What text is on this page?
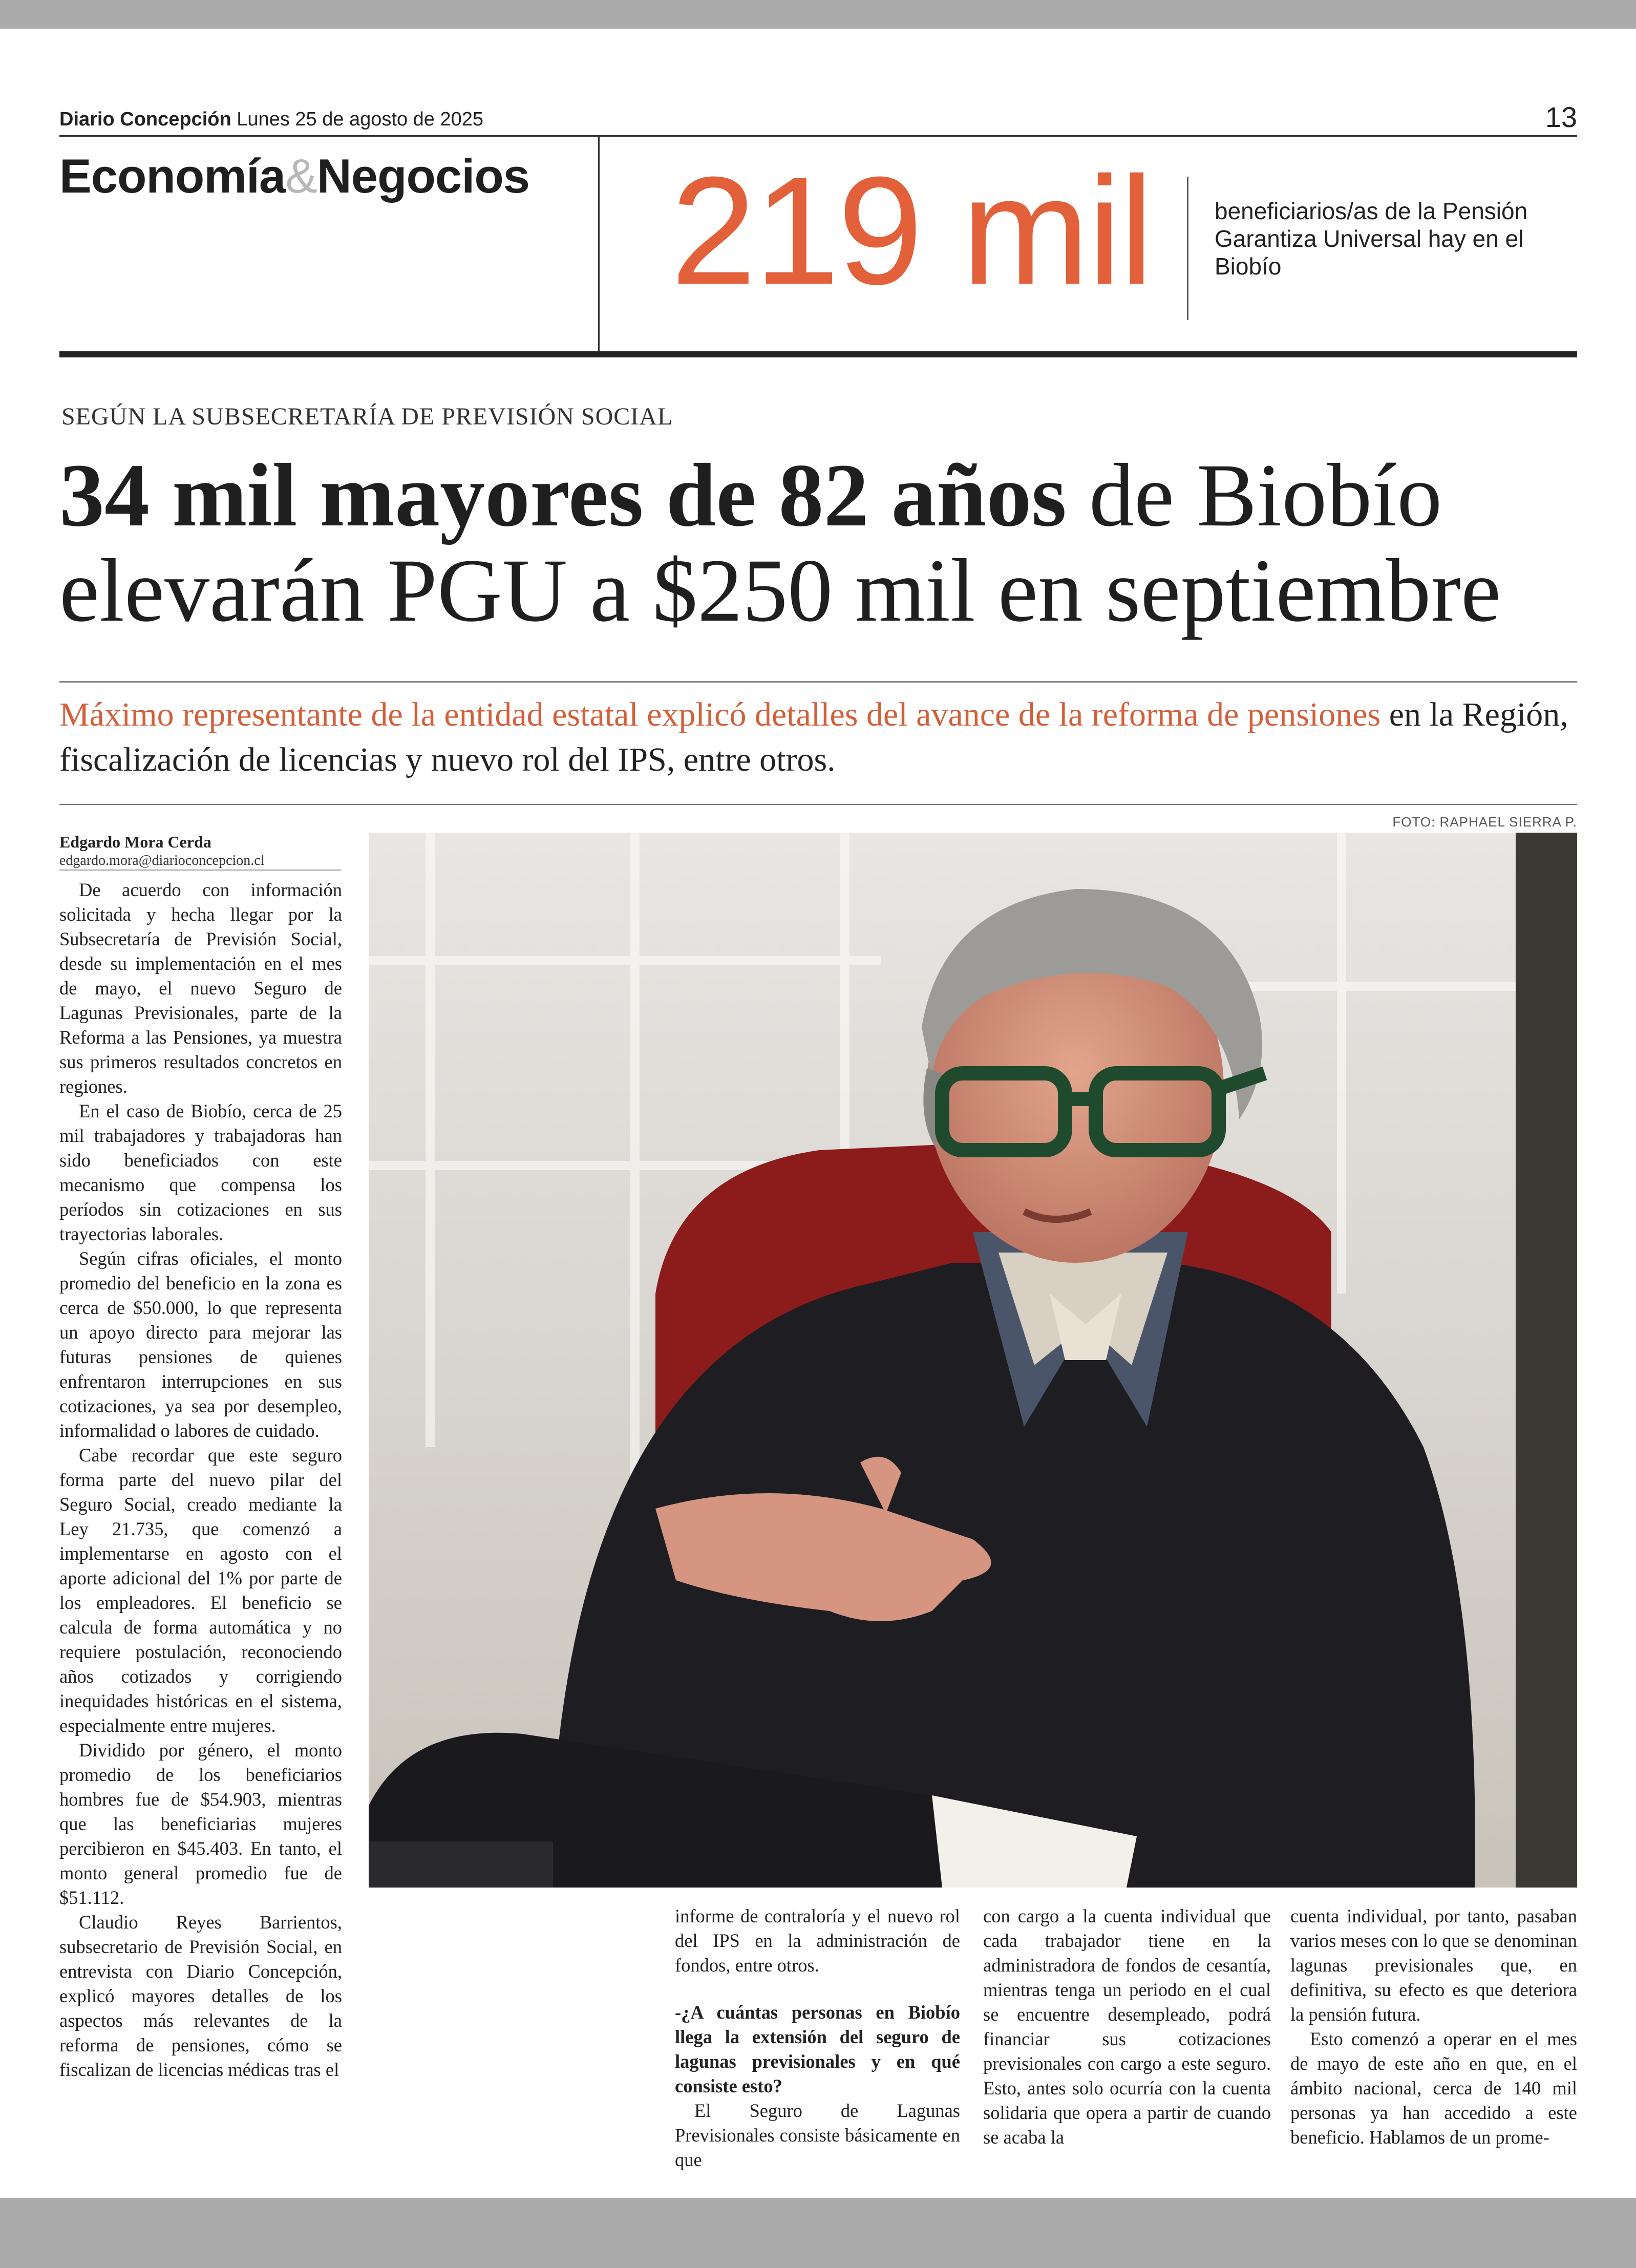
Diario Concepción Lunes 25 de agosto de 2025	13
Economía&Negocios 219 mil	beneficiarios/as de la Pensión Garantiza Universal hay en el Biobío
SEGÚN LA SUBSECRETARÍA DE PREVISIÓN SOCIAL
34 mil mayores de 82 años de Biobío elevarán PGU a $250 mil en septiembre
Máximo representante de la entidad estatal explicó detalles del avance de la reforma de pensiones en la Región, fiscalización de licencias y nuevo rol del IPS, entre otros.
FOTO: RAPHAEL SIERRA P.
Edgardo Mora Cerda
edgardo.mora@diarioconcepcion.cl

De acuerdo con información solicitada y hecha llegar por la Subsecretaría de Previsión Social, desde su implementación en el mes de mayo, el nuevo Seguro de Lagunas Previsionales, parte de la Reforma a las Pensiones, ya muestra sus primeros resultados concretos en regiones.

En el caso de Biobío, cerca de 25 mil trabajadores y trabajadoras han sido beneficiados con este mecanismo que compensa los períodos sin cotizaciones en sus trayectorias laborales.

Según cifras oficiales, el monto promedio del beneficio en la zona es cerca de $50.000, lo que representa un apoyo directo para mejorar las futuras pensiones de quienes enfrentaron interrupciones en sus cotizaciones, ya sea por desempleo, informalidad o labores de cuidado.

Cabe recordar que este seguro forma parte del nuevo pilar del Seguro Social, creado mediante la Ley 21.735, que comenzó a implementarse en agosto con el aporte adicional del 1% por parte de los empleadores. El beneficio se calcula de forma automática y no requiere postulación, reconociendo años cotizados y corrigiendo inequidades históricas en el sistema, especialmente entre mujeres.

Dividido por género, el monto promedio de los beneficiarios hombres fue de $54.903, mientras que las beneficiarias mujeres percibieron en $45.403. En tanto, el monto general promedio fue de $51.112.

Claudio Reyes Barrientos, subsecretario de Previsión Social, en entrevista con Diario Concepción, explicó mayores detalles de los aspectos más relevantes de la reforma de pensiones, cómo se fiscalizan de licencias médicas tras el

informe de contraloría y el nuevo rol del IPS en la administración de fondos, entre otros.

-¿A cuántas personas en Biobío llega la extensión del seguro de lagunas previsionales y en qué consiste esto?

El Seguro de Lagunas Previsionales consiste básicamente en que

con cargo a la cuenta individual que cada trabajador tiene en la administradora de fondos de cesantía, mientras tenga un periodo en el cual se encuentre desempleado, podrá financiar sus cotizaciones previsionales con cargo a este seguro. Esto, antes solo ocurría con la cuenta solidaria que opera a partir de cuando se acaba la

cuenta individual, por tanto, pasaban varios meses con lo que se denominan lagunas previsionales que, en definitiva, su efecto es que deteriora la pensión futura.

Esto comenzó a operar en el mes de mayo de este año en que, en el ámbito nacional, cerca de 140 mil personas ya han accedido a este beneficio. Hablamos de un prome-
